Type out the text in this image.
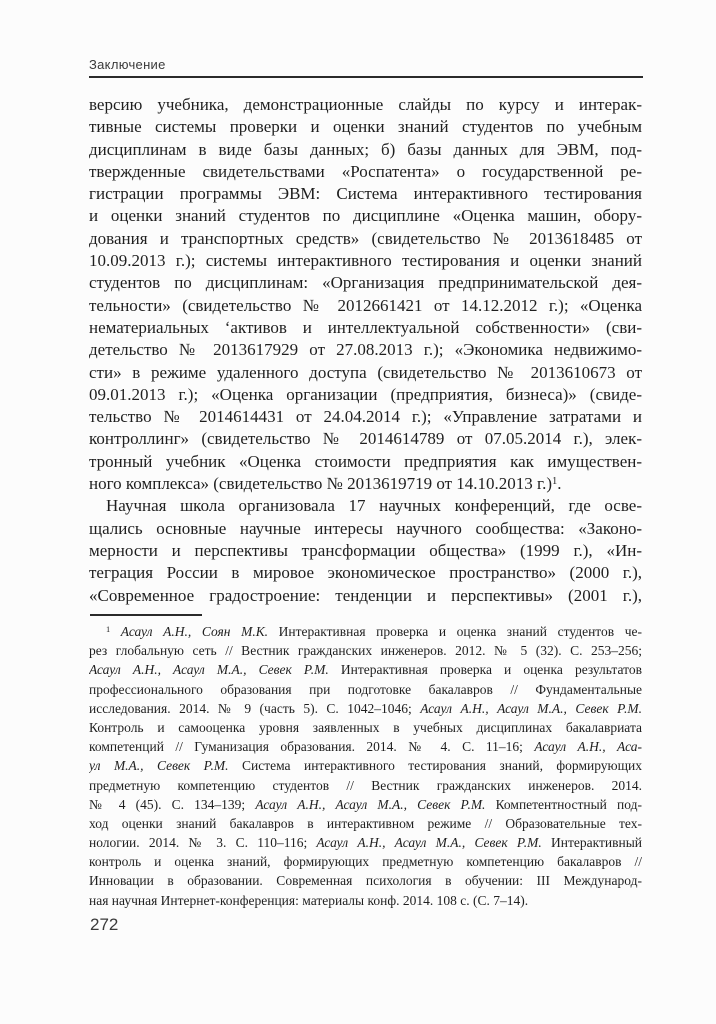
Заключение
версию учебника, демонстрационные слайды по курсу и интерак-
тивные системы проверки и оценки знаний студентов по учебным
дисциплинам в виде базы данных; б) базы данных для ЭВМ, под-
твержденные свидетельствами «Роспатента» о государственной ре-
гистрации программы ЭВМ: Система интерактивного тестирования
и оценки знаний студентов по дисциплине «Оценка машин, обору-
дования и транспортных средств» (свидетельство № 2013618485 от
10.09.2013 г.); системы интерактивного тестирования и оценки знаний
студентов по дисциплинам: «Организация предпринимательской дея-
тельности» (свидетельство № 2012661421 от 14.12.2012 г.); «Оценка
нематериальных ‘активов и интеллектуальной собственности» (сви-
детельство № 2013617929 от 27.08.2013 г.); «Экономика недвижимо-
сти» в режиме удаленного доступа (свидетельство № 2013610673 от
09.01.2013 г.); «Оценка организации (предприятия, бизнеса)» (свиде-
тельство № 2014614431 от 24.04.2014 г.); «Управление затратами и
контроллинг» (свидетельство № 2014614789 от 07.05.2014 г.), элек-
тронный учебник «Оценка стоимости предприятия как имуществен-
ного комплекса» (свидетельство № 2013619719 от 14.10.2013 г.)$^1$.
Научная школа организовала 17 научных конференций, где осве-
щались основные научные интересы научного сообщества: «Законо-
мерности и перспективы трансформации общества» (1999 г.), «Ин-
теграция России в мировое экономическое пространство» (2000 г.),
«Современное градостроение: тенденции и перспективы» (2001 г.),
$^1$ Асаул А.Н., Соян М.К. Интерактивная проверка и оценка знаний студентов че-
рез глобальную сеть // Вестник гражданских инженеров. 2012. № 5 (32). С. 253–256;
Асаул А.Н., Асаул М.А., Севек Р.М. Интерактивная проверка и оценка результатов
профессионального образования при подготовке бакалавров // Фундаментальные
исследования. 2014. № 9 (часть 5). С. 1042–1046; Асаул А.Н., Асаул М.А., Севек Р.М.
Контроль и самооценка уровня заявленных в учебных дисциплинах бакалавриата
компетенций // Гуманизация образования. 2014. № 4. С. 11–16; Асаул А.Н., Аса-
ул М.А., Севек Р.М. Система интерактивного тестирования знаний, формирующих
предметную компетенцию студентов // Вестник гражданских инженеров. 2014.
№ 4 (45). С. 134–139; Асаул А.Н., Асаул М.А., Севек Р.М. Компетентностный под-
ход оценки знаний бакалавров в интерактивном режиме // Образовательные тех-
нологии. 2014. № 3. С. 110–116; Асаул А.Н., Асаул М.А., Севек Р.М. Интерактивный
контроль и оценка знаний, формирующих предметную компетенцию бакалавров //
Инновации в образовании. Современная психология в обучении: III Международ-
ная научная Интернет-конференция: материалы конф. 2014. 108 с. (С. 7–14).
272
